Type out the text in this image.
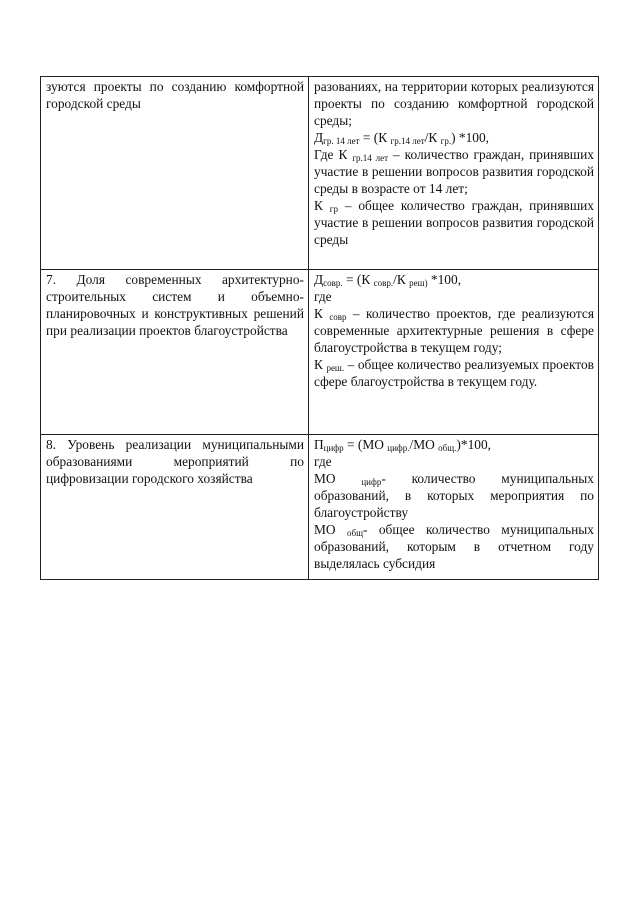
зуются проекты по созданию комфортной городской среды	разованиях, на территории которых реализуются проекты по созданию комфортной городской среды;
$Д_{гр. 14 лет} = (К$ $_{гр.14 лет}$/К $_{гр.}$) *100,
Где К $_{гр.14 лет}$ – количество граждан, принявших участие в решении вопросов развития городской среды в возрасте от 14 лет;
К $_{гр}$ – общее количество граждан, принявших участие в решении вопросов развития городской среды

7. Доля современных архитектурно-строительных систем и объемно-планировочных и конструктивных решений при реализации проектов благоустройства	$Д_{совр.} = (К$ $_{совр.}$/К $_{реш)}$ *100,
где
К $_{совр}$ – количество проектов, где реализуются современные архитектурные решения в сфере благоустройства в текущем году;
К $_{реш.}$ – общее количество реализуемых проектов сфере благоустройства в текущем году.

8. Уровень реализации муниципальными образованиями мероприятий по цифровизации городского хозяйства	$П_{цифр} = (МО$ $_{цифр.}$/МО $_{общ.}$)*100,
где
МО $_{цифр}$- количество муниципальных образований, в которых мероприятия по благоустройству
МО $_{общ}$- общее количество муниципальных образований, которым в отчетном году выделялась субсидия
